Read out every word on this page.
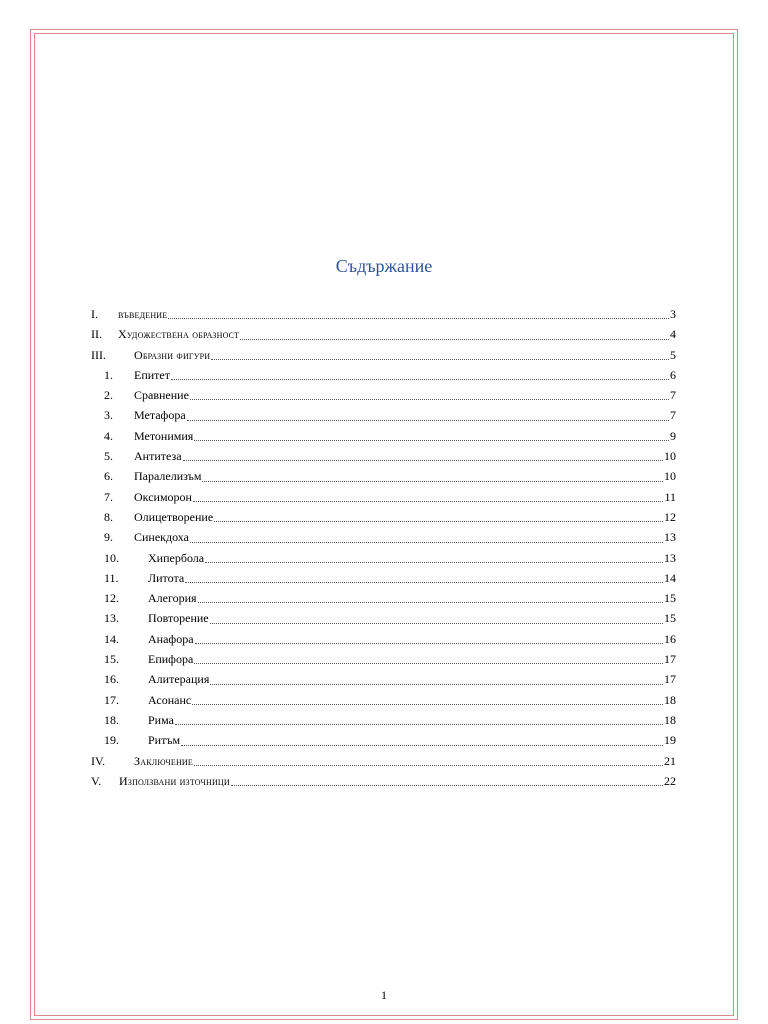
Съдържание
I.	въведение	3
II.	Художествена образност	4
III.	Образни фигури	5
1.	Епитет	6
2.	Сравнение	7
3.	Метафора	7
4.	Метонимия	9
5.	Антитеза	10
6.	Паралелизъм	10
7.	Оксиморон	11
8.	Олицетворение	12
9.	Синекдоха	13
10.	Хипербола	13
11.	Литота	14
12.	Алегория	15
13.	Повторение	15
14.	Анафора	16
15.	Епифора	17
16.	Алитерация	17
17.	Асонанс	18
18.	Рима	18
19.	Ритъм	19
IV.	Заключение	21
V.	Използвани източници	22
1
